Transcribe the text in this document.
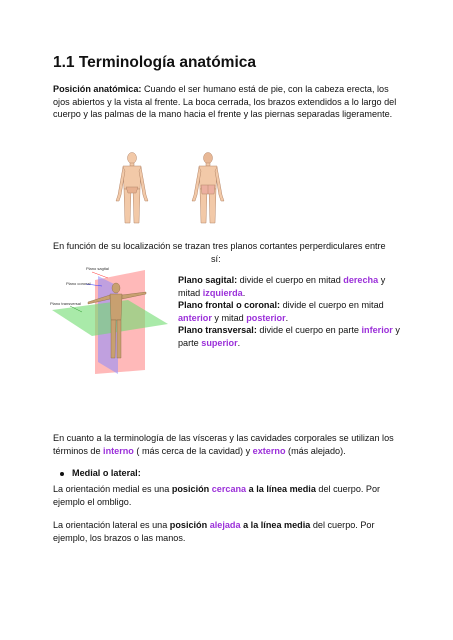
1.1 Terminología anatómica

Posición anatómica: Cuando el ser humano está de pie, con la cabeza erecta, los ojos abiertos y la vista al frente. La boca cerrada, los brazos extendidos a lo largo del cuerpo y las palmas de la mano hacia el frente y las piernas separadas ligeramente.

En función de su localización se trazan tres planos cortantes perperdiculares entre
sí:

Plano sagital
Plano coronal
Plano transversal

Plano sagital: divide el cuerpo en mitad derecha y mitad izquierda.
Plano frontal o coronal: divide el cuerpo en mitad anterior y mitad posterior.
Plano transversal: divide el cuerpo en parte inferior y parte superior.

En cuanto a la terminología de las vísceras y las cavidades corporales se utilizan los términos de interno ( más cerca de la cavidad) y externo (más alejado).

Medial o lateral:

La orientación medial es una posición cercana a la línea media del cuerpo. Por ejemplo el ombligo.

La orientación lateral es una posición alejada a la línea media del cuerpo. Por ejemplo, los brazos o las manos.
